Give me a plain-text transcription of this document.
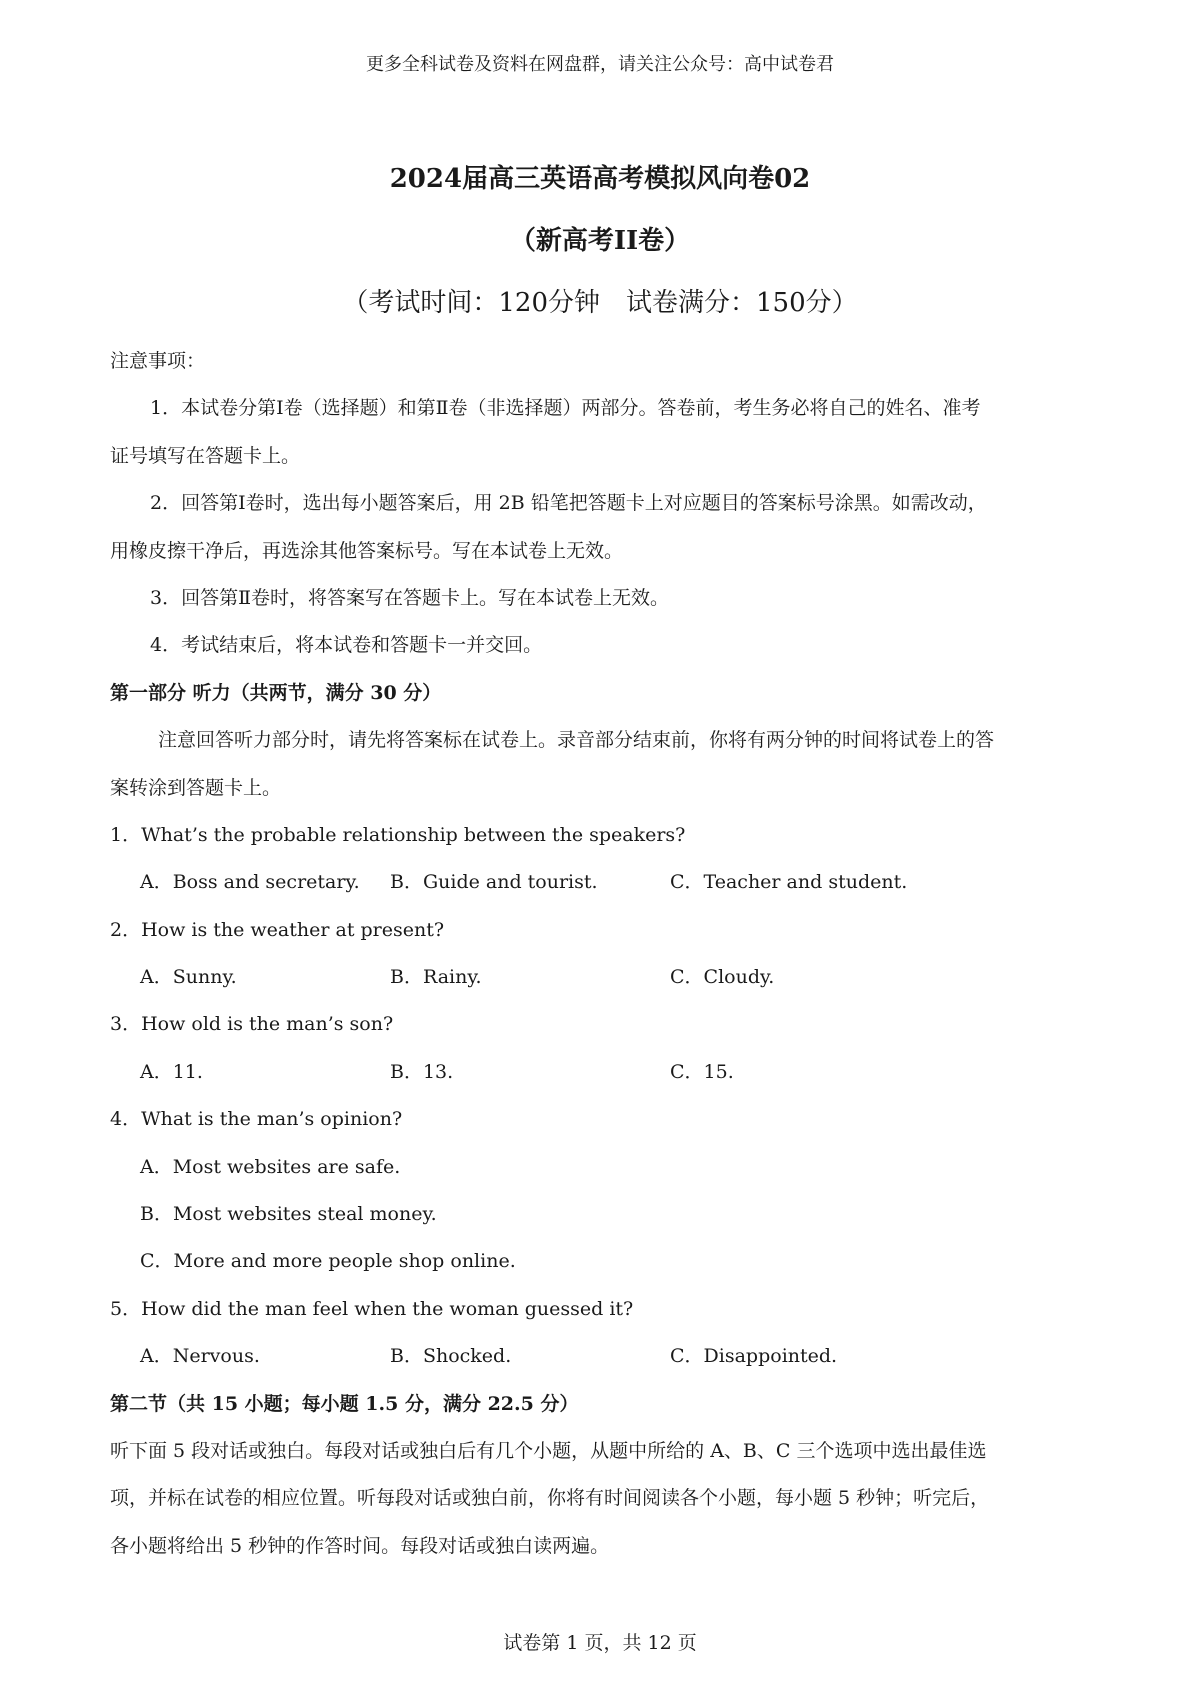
更多全科试卷及资料在网盘群，请关注公众号：高中试卷君
2024届高三英语高考模拟风向卷02
（新高考II卷）
（考试时间：120分钟　试卷满分：150分）
注意事项：
1．本试卷分第Ⅰ卷（选择题）和第Ⅱ卷（非选择题）两部分。答卷前，考生务必将自己的姓名、准考
证号填写在答题卡上。
2．回答第Ⅰ卷时，选出每小题答案后，用 2B 铅笔把答题卡上对应题目的答案标号涂黑。如需改动，
用橡皮擦干净后，再选涂其他答案标号。写在本试卷上无效。
3．回答第Ⅱ卷时，将答案写在答题卡上。写在本试卷上无效。
4．考试结束后，将本试卷和答题卡一并交回。
第一部分 听力（共两节，满分 30 分）
注意回答听力部分时，请先将答案标在试卷上。录音部分结束前，你将有两分钟的时间将试卷上的答
案转涂到答题卡上。
1．What’s the probable relationship between the speakers?
A．Boss and secretary. B．Guide and tourist.	C．Teacher and student.
2．How is the weather at present?
A．Sunny.	B．Rainy.	C．Cloudy.
3．How old is the man’s son?
A．11.	B．13.	C．15.
4．What is the man’s opinion?
A．Most websites are safe.
B．Most websites steal money.
C．More and more people shop online.
5．How did the man feel when the woman guessed it?
A．Nervous.	B．Shocked.	C．Disappointed.
第二节（共 15 小题；每小题 1.5 分，满分 22.5 分）
听下面 5 段对话或独白。每段对话或独白后有几个小题，从题中所给的 A、B、C 三个选项中选出最佳选
项，并标在试卷的相应位置。听每段对话或独白前，你将有时间阅读各个小题，每小题 5 秒钟；听完后，
各小题将给出 5 秒钟的作答时间。每段对话或独白读两遍。
试卷第 1 页，共 12 页
